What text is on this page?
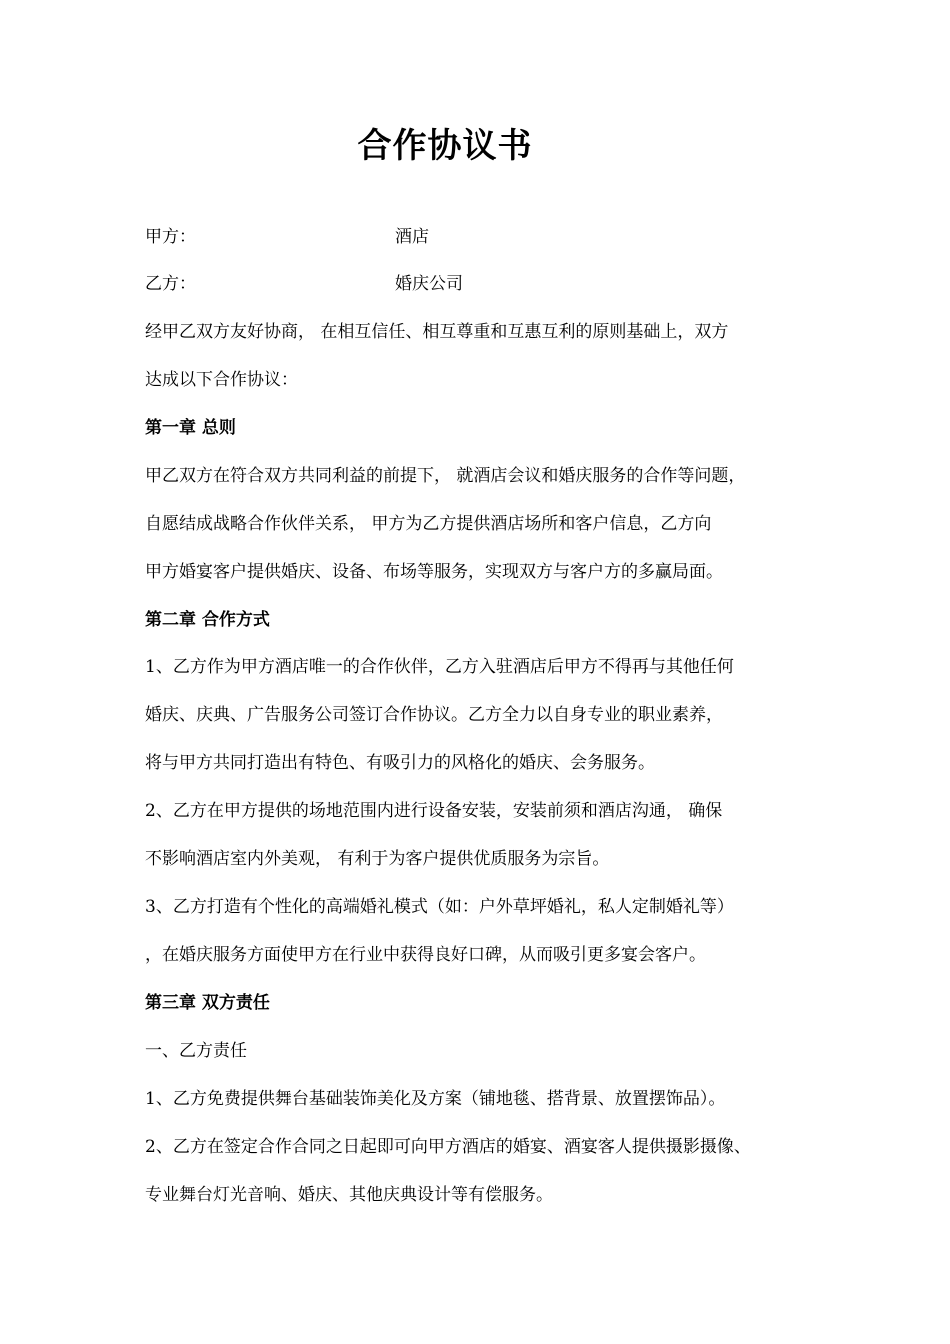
合作协议书
甲方：	酒店
乙方：	婚庆公司
经甲乙双方友好协商， 在相互信任、相互尊重和互惠互利的原则基础上，双方
达成以下合作协议：
第一章 总则
甲乙双方在符合双方共同利益的前提下， 就酒店会议和婚庆服务的合作等问题，
自愿结成战略合作伙伴关系， 甲方为乙方提供酒店场所和客户信息，乙方向
甲方婚宴客户提供婚庆、设备、布场等服务，实现双方与客户方的多赢局面。
第二章 合作方式
1、乙方作为甲方酒店唯一的合作伙伴，乙方入驻酒店后甲方不得再与其他任何
婚庆、庆典、广告服务公司签订合作协议。乙方全力以自身专业的职业素养，
将与甲方共同打造出有特色、有吸引力的风格化的婚庆、会务服务。
2、乙方在甲方提供的场地范围内进行设备安装，安装前须和酒店沟通， 确保
不影响酒店室内外美观， 有利于为客户提供优质服务为宗旨。
3、乙方打造有个性化的高端婚礼模式（如：户外草坪婚礼，私人定制婚礼等）
，在婚庆服务方面使甲方在行业中获得良好口碑，从而吸引更多宴会客户。
第三章 双方责任
一、乙方责任
1、乙方免费提供舞台基础装饰美化及方案（铺地毯、搭背景、放置摆饰品）。
2、乙方在签定合作合同之日起即可向甲方酒店的婚宴、酒宴客人提供摄影摄像、
专业舞台灯光音响、婚庆、其他庆典设计等有偿服务。
